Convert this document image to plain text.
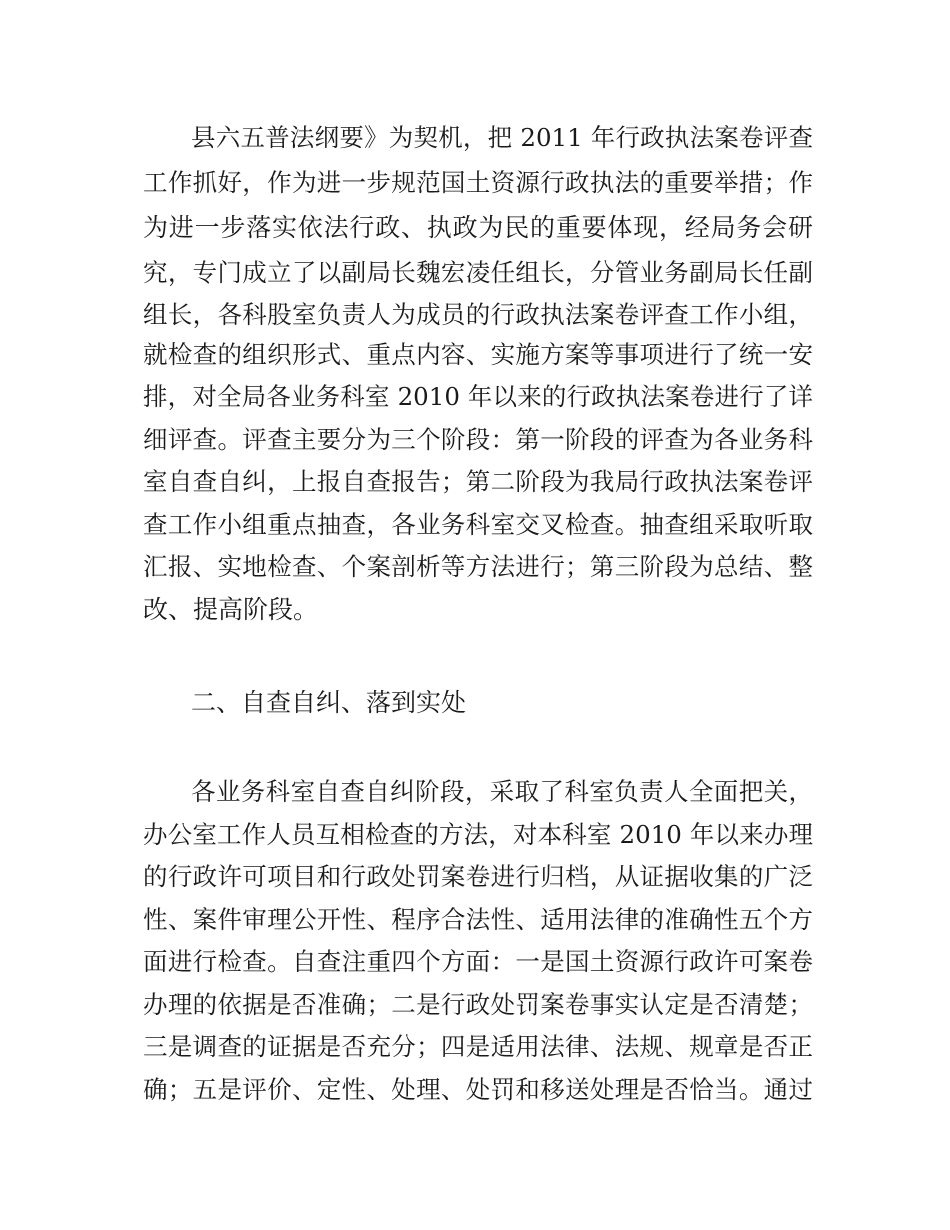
县六五普法纲要》为契机，把 2011 年行政执法案卷评查
工作抓好，作为进一步规范国土资源行政执法的重要举措；作
为进一步落实依法行政、执政为民的重要体现，经局务会研
究，专门成立了以副局长魏宏凌任组长，分管业务副局长任副
组长，各科股室负责人为成员的行政执法案卷评查工作小组，
就检查的组织形式、重点内容、实施方案等事项进行了统一安
排，对全局各业务科室 2010 年以来的行政执法案卷进行了详
细评查。评查主要分为三个阶段：第一阶段的评查为各业务科
室自查自纠，上报自查报告；第二阶段为我局行政执法案卷评
查工作小组重点抽查，各业务科室交叉检查。抽查组采取听取
汇报、实地检查、个案剖析等方法进行；第三阶段为总结、整
改、提高阶段。
二、自查自纠、落到实处
各业务科室自查自纠阶段，采取了科室负责人全面把关，
办公室工作人员互相检查的方法，对本科室 2010 年以来办理
的行政许可项目和行政处罚案卷进行归档，从证据收集的广泛
性、案件审理公开性、程序合法性、适用法律的准确性五个方
面进行检查。自查注重四个方面：一是国土资源行政许可案卷
办理的依据是否准确；二是行政处罚案卷事实认定是否清楚；
三是调查的证据是否充分；四是适用法律、法规、规章是否正
确；五是评价、定性、处理、处罚和移送处理是否恰当。通过
